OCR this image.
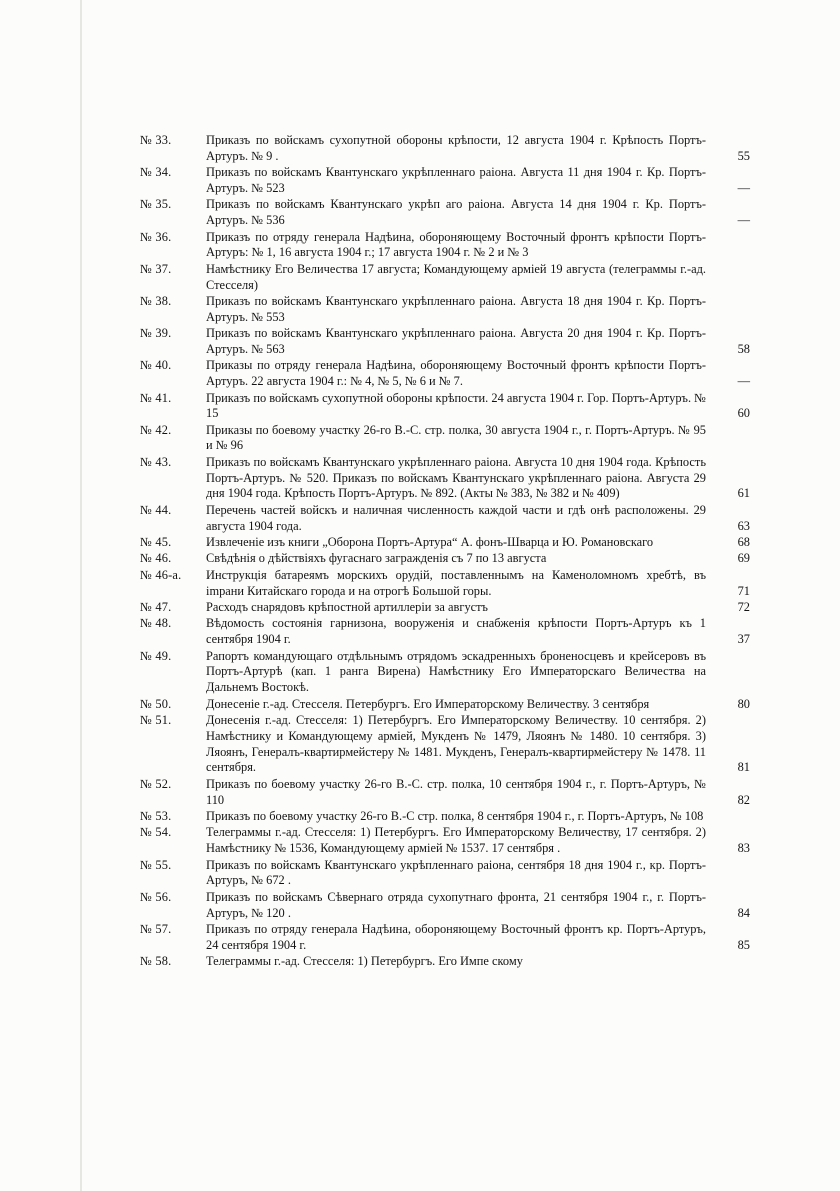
№ 33.	Приказъ по войскамъ сухопутной обороны крѣпости, 12 августа 1904 г. Крѣпость Портъ-Артуръ. № 9 .	55
№ 34.	Приказъ по войскамъ Квантунскаго укрѣпленнаго раіона. Августа 11 дня 1904 г. Кр. Портъ-Артуръ. № 523	—
№ 35.	Приказъ по войскамъ Квантунскаго укрѣп аго раіона. Августа 14 дня 1904 г. Кр. Портъ-Артуръ. № 536	—
№ 36.	Приказъ по отряду генерала Надѣина, обороняющему Восточный фронтъ крѣпости Портъ-Артуръ: № 1, 16 августа 1904 г.; 17 августа 1904 г. № 2 и № 3
№ 37.	Намѣстнику Его Величества 17 августа; Командующему арміей 19 августа (телеграммы г.-ад. Стесселя)
№ 38.	Приказъ по войскамъ Квантунскаго укрѣпленнаго раіона. Августа 18 дня 1904 г. Кр. Портъ-Артуръ. № 553
№ 39.	Приказъ по войскамъ Квантунскаго укрѣпленнаго раіона. Августа 20 дня 1904 г. Кр. Портъ-Артуръ. № 563	58
№ 40.	Приказы по отряду генерала Надѣина, обороняющему Восточный фронтъ крѣпости Портъ-Артуръ. 22 августа 1904 г.: № 4, № 5, № 6 и № 7.	—
№ 41.	Приказъ по войскамъ сухопутной обороны крѣпости. 24 августа 1904 г. Гор. Портъ-Артуръ. № 15	60
№ 42.	Приказы по боевому участку 26-го В.-С. стр. полка, 30 августа 1904 г., г. Портъ-Артуръ. № 95 и № 96
№ 43.	Приказъ по войскамъ Квантунскаго укрѣпленнаго раіона. Августа 10 дня 1904 года. Крѣпость Портъ-Артуръ. № 520. Приказъ по войскамъ Квантунскаго укрѣпленнаго раіона. Августа 29 дня 1904 года. Крѣпость Портъ-Артуръ. № 892. (Акты № 383, № 382 и № 409)	61
№ 44.	Перечень частей войскъ и наличная численность каждой части и гдѣ онѣ расположены. 29 августа 1904 года.	63
№ 45.	Извлеченіе изъ книги „Оборона Портъ-Артура“ А. фонъ-Шварца и Ю. Романовскаго	68
№ 46.	Свѣдѣнія о дѣйствіяхъ фугаснаго загражденія съ 7 по 13 августа	69
№ 46-а.	Инструкція батареямъ морскихъ орудій, поставленнымъ на Каменоломномъ хребтѣ, въ impани Китайскаго города и на отрогѣ Большой горы.	71
№ 47.	Расходъ снарядовъ крѣпостной артиллеріи за августъ	72
№ 48.	Вѣдомость состоянія гарнизона, вооруженія и снабженія крѣпости Портъ-Артуръ къ 1 сентября 1904 г.	37
№ 49.	Рапортъ командующаго отдѣльнымъ отрядомъ эскадренныхъ броненосцевъ и крейсеровъ въ Портъ-Артурѣ (кап. 1 ранга Вирена) Намѣстнику Его Императорскаго Величества на Дальнемъ Востокѣ.
№ 50.	Донесеніе г.-ад. Стесселя. Петербургъ. Его Императорскому Величеству. 3 сентября	80
№ 51.	Донесенія г.-ад. Стесселя: 1) Петербургъ. Его Императорскому Величеству. 10 сентября. 2) Намѣстнику и Командующему арміей, Мукденъ № 1479, Ляоянъ № 1480. 10 сентября. 3) Ляоянъ, Генералъ-квартирмейстеру № 1481. Мукденъ, Генералъ-квартирмейстеру № 1478. 11 сентября.	81
№ 52.	Приказъ по боевому участку 26-го В.-С. стр. полка, 10 сентября 1904 г., г. Портъ-Артуръ, № 110	82
№ 53.	Приказъ по боевому участку 26-го В.-С стр. полка, 8 сентября 1904 г., г. Портъ-Артуръ, № 108
№ 54.	Телеграммы г.-ад. Стесселя: 1) Петербургъ. Его Императорскому Величеству, 17 сентября. 2) Намѣстнику № 1536, Командующему арміей № 1537. 17 сентября .	83
№ 55.	Приказъ по войскамъ Квантунскаго укрѣпленнаго раіона, сентября 18 дня 1904 г., кр. Портъ-Артуръ, № 672 .
№ 56.	Приказъ по войскамъ Сѣвернаго отряда сухопутнаго фронта, 21 сентября 1904 г., г. Портъ-Артуръ, № 120 .	84
№ 57.	Приказъ по отряду генерала Надѣина, обороняющему Восточный фронтъ кр. Портъ-Артуръ, 24 сентября 1904 г.	85
№ 58.	Телеграммы г.-ад. Стесселя: 1) Петербургъ. Его Импе скому
